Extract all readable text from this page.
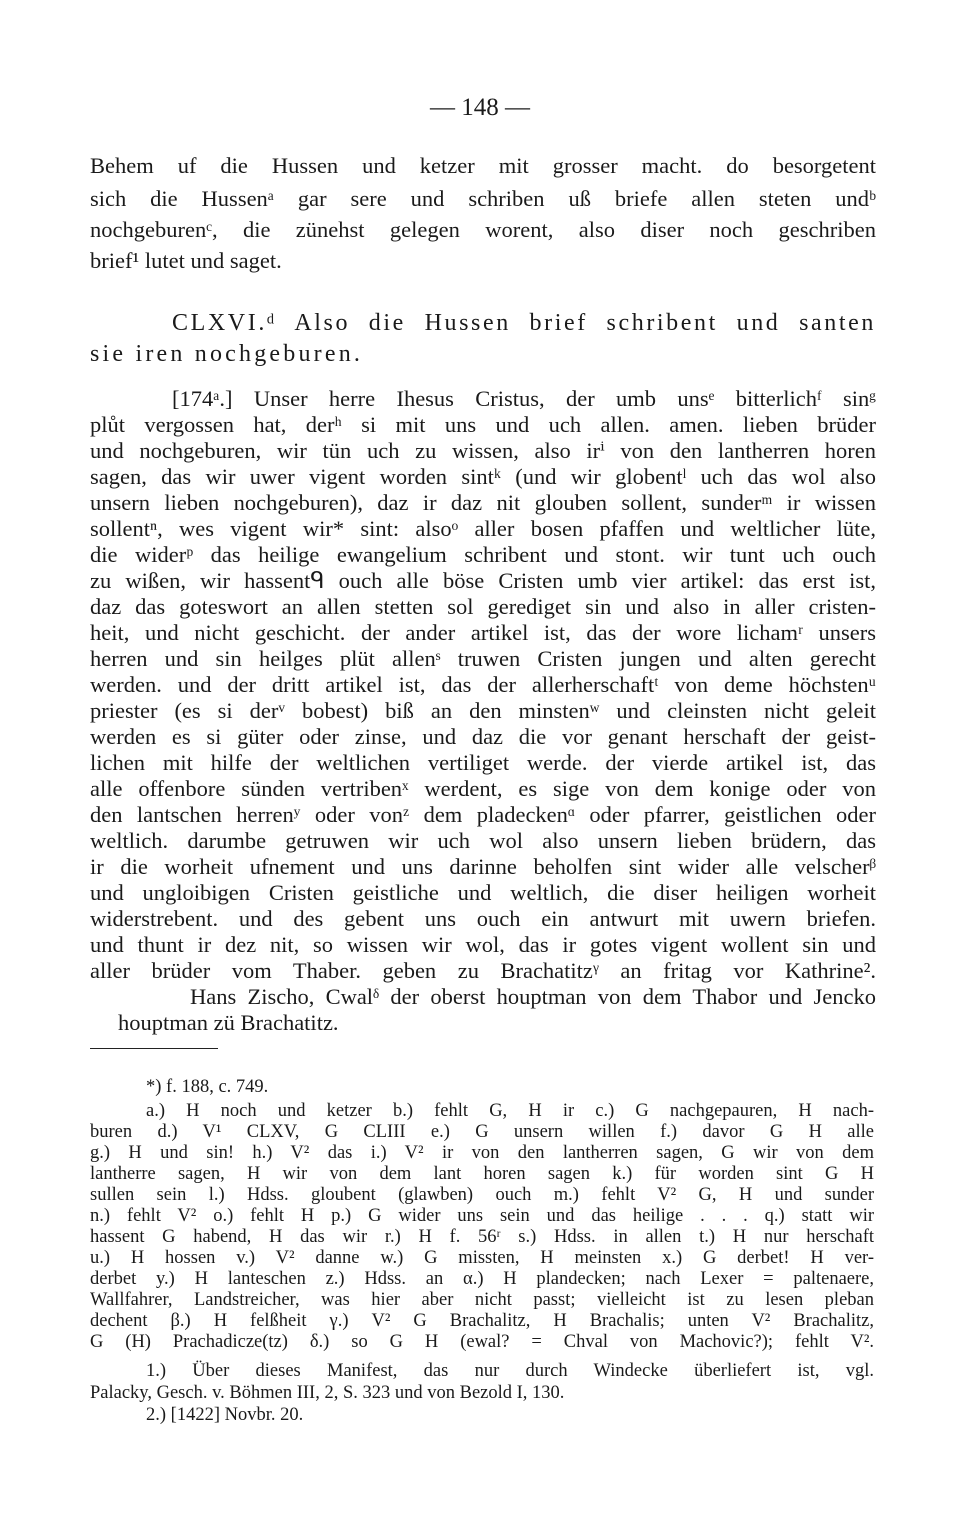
— 148 —
Behem uf die Hussen und ketzer mit grosser macht. do besorgetent
sich die Hussenᵃ gar sere und schriben uß briefe allen steten undᵇ
nochgeburenᶜ, die zünehst gelegen worent, also diser noch geschriben
brief¹ lutet und saget.
CLXVI.ᵈ Also die Hussen brief schribent und santen
sie iren nochgeburen.
[174ᵃ.] Unser herre Ihesus Cristus, der umb unsᵉ bitterlichᶠ sinᵍ
plůt vergossen hat, derʰ si mit uns und uch allen. amen. lieben brüder
und nochgeburen, wir tün uch zu wissen, also irⁱ von den lantherren horen
sagen, das wir uwer vigent worden sintᵏ (und wir globentˡ uch das wol also
unsern lieben nochgeburen), daz ir daz nit glouben sollent, sunderᵐ ir wissen
sollentⁿ, wes vigent wir* sint: alsoᵒ aller bosen pfaffen und weltlicher lüte,
die widerᵖ das heilige ewangelium schribent und stont. wir tunt uch ouch
zu wißen, wir hassentᑫ ouch alle böse Cristen umb vier artikel: das erst ist,
daz das goteswort an allen stetten sol gerediget sin und also in aller cristen-
heit, und nicht geschicht. der ander artikel ist, das der wore lichamʳ unsers
herren und sin heilges plüt allenˢ truwen Cristen jungen und alten gerecht
werden. und der dritt artikel ist, das der allerherschaftᵗ von deme höchstenᵘ
priester (es si derᵛ bobest) biß an den minstenʷ und cleinsten nicht geleit
werden es si güter oder zinse, und daz die vor genant herschaft der geist-
lichen mit hilfe der weltlichen vertiliget werde. der vierde artikel ist, das
alle offenbore sünden vertribenˣ werdent, es sige von dem konige oder von
den lantschen herrenʸ oder vonᶻ dem pladeckenᵅ oder pfarrer, geistlichen oder
weltlich. darumbe getruwen wir uch wol also unsern lieben brüdern, das
ir die worheit ufnement und uns darinne beholfen sint wider alle velscherᵝ
und ungloibigen Cristen geistliche und weltlich, die diser heiligen worheit
widerstrebent. und des gebent uns ouch ein antwurt mit uwern briefen.
und thunt ir dez nit, so wissen wir wol, das ir gotes vigent wollent sin und
aller brüder vom Thaber. geben zu Brachatitzᵞ an fritag vor Kathrine².
Hans Zischo, Cwalᵟ der oberst houptman von dem Thabor und Jencko
houptman zü Brachatitz.
*) f. 188, c. 749.
a.) H noch und ketzer b.) fehlt G, H ir c.) G nachgepauren, H nach-
buren d.) V¹ CLXV, G CLIII e.) G unsern willen f.) davor G H alle
g.) H und sin! h.) V² das i.) V² ir von den lantherren sagen, G wir von dem
lantherre sagen, H wir von dem lant horen sagen k.) für worden sint G H
sullen sein l.) Hdss. gloubent (glawben) ouch m.) fehlt V² G, H und sunder
n.) fehlt V² o.) fehlt H p.) G wider uns sein und das heilige . . . q.) statt wir
hassent G habend, H das wir r.) H f. 56ʳ s.) Hdss. in allen t.) H nur herschaft
u.) H hossen v.) V² danne w.) G missten, H meinsten x.) G derbet! H ver-
derbet y.) H lanteschen z.) Hdss. an α.) H plandecken; nach Lexer = paltenaere,
Wallfahrer, Landstreicher, was hier aber nicht passt; vielleicht ist zu lesen pleban
dechent β.) H felßheit γ.) V² G Brachalitz, H Brachalis; unten V² Brachalitz,
G (H) Prachadicze(tz) δ.) so G H (ewal? = Chval von Machovic?); fehlt V².
1.) Über dieses Manifest, das nur durch Windecke überliefert ist, vgl.
Palacky, Gesch. v. Böhmen III, 2, S. 323 und von Bezold I, 130.
2.) [1422] Novbr. 20.
